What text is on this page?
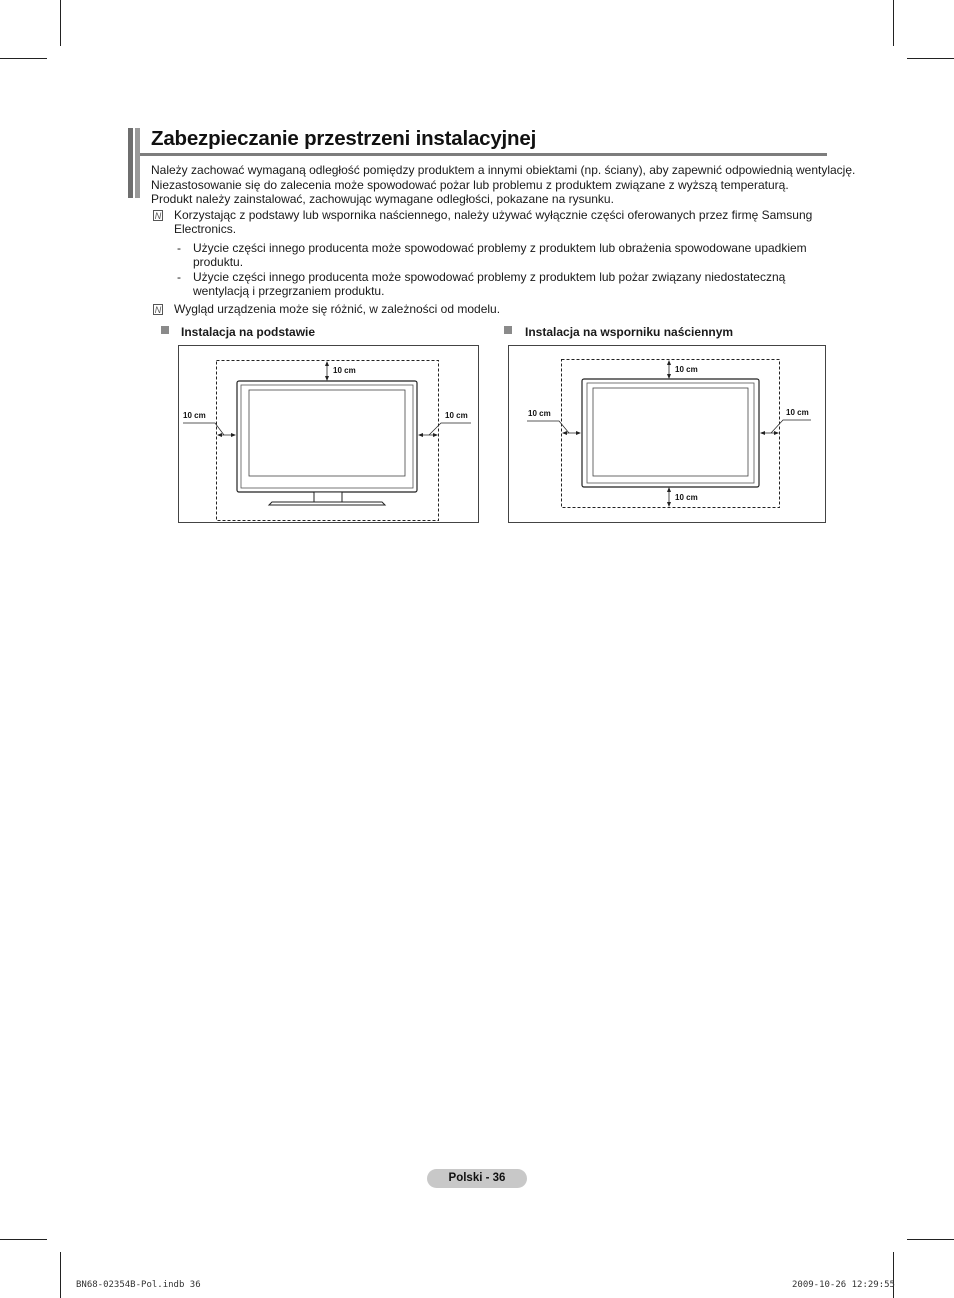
Zabezpieczanie przestrzeni instalacyjnej

Należy zachować wymaganą odległość pomiędzy produktem a innymi obiektami (np. ściany), aby zapewnić odpowiednią wentylację.

Niezastosowanie się do zalecenia może spowodować pożar lub problemu z produktem związane z wyższą temperaturą.

Produkt należy zainstalować, zachowując wymagane odległości, pokazane na rysunku.

N Korzystając z podstawy lub wspornika naściennego, należy używać wyłącznie części oferowanych przez firmę Samsung Electronics.

- Użycie części innego producenta może spowodować problemy z produktem lub obrażenia spowodowane upadkiem produktu.

- Użycie części innego producenta może spowodować problemy z produktem lub pożar związany niedostateczną wentylacją i przegrzaniem produktu.

N Wygląd urządzenia może się różnić, w zależności od modelu.

Instalacja na podstawie	Instalacja na wsporniku naściennym

10 cm
10 cm	10 cm
10 cm
10 cm
10 cm	10 cm
Polski - 36
BN68-02354B-Pol.indb 36	2009-10-26 12:29:55
